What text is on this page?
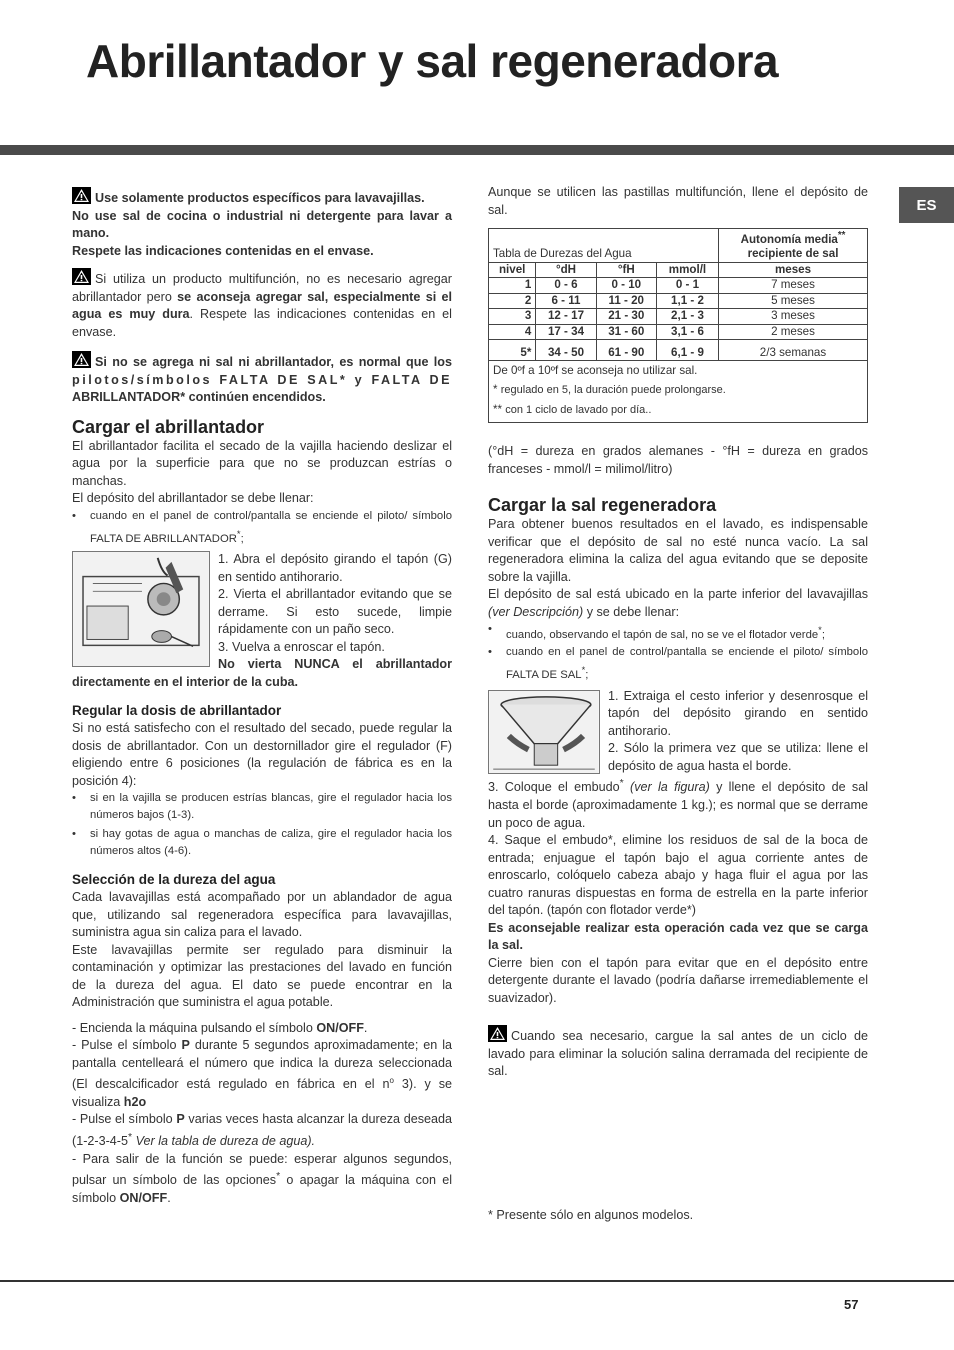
Abrillantador y sal regeneradora
ES

Use solamente productos específicos para lavavajillas.
No use sal de cocina o industrial ni detergente para lavar a mano.
Respete las indicaciones contenidas en el envase.

Si utiliza un producto multifunción, no es necesario agregar abrillantador pero se aconseja agregar sal, especialmente si el agua es muy dura. Respete las indicaciones contenidas en el envase.

Si no se agrega ni sal ni abrillantador, es normal que los pilotos/símbolos FALTA DE SAL* y FALTA DE ABRILLANTADOR* continúen encendidos.

Cargar el abrillantador

El abrillantador facilita el secado de la vajilla haciendo deslizar el agua por la superficie para que no se produzcan estrías o manchas.

El depósito del abrillantador se debe llenar:

• cuando en el panel de control/pantalla se enciende el piloto/ símbolo FALTA DE ABRILLANTADOR*;

1. Abra el depósito girando el tapón (G) en sentido antihorario.

2. Vierta el abrillantador evitando que se derrame. Si esto sucede, limpie rápidamente con un paño seco.

3. Vuelva a enroscar el tapón.

No vierta NUNCA el abrillantador directamente en el interior de la cuba.

Regular la dosis de abrillantador

Si no está satisfecho con el resultado del secado, puede regular la dosis de abrillantador. Con un destornillador gire el regulador (F) eligiendo entre 6 posiciones (la regulación de fábrica es en la posición 4):

• si en la vajilla se producen estrías blancas, gire el regulador hacia los números bajos (1-3).
• si hay gotas de agua o manchas de caliza, gire el regulador hacia los números altos (4-6).
Selección de la dureza del agua

Cada lavavajillas está acompañado por un ablandador de agua que, utilizando sal regeneradora específica para lavavajillas, suministra agua sin caliza para el lavado.

Este lavavajillas permite ser regulado para disminuir la contaminación y optimizar las prestaciones del lavado en función de la dureza del agua. El dato se puede encontrar en la Administración que suministra el agua potable.

- Encienda la máquina pulsando el símbolo ON/OFF.

- Pulse el símbolo P durante 5 segundos aproximadamente; en la pantalla centelleará el número que indica la dureza seleccionada (El descalcificador está regulado en fábrica en el $n^o$ 3). y se visualiza h2o

- Pulse el símbolo P varias veces hasta alcanzar la dureza deseada (1-2-3-4-5* Ver la tabla de dureza de agua).

- Para salir de la función se puede: esperar algunos segundos, pulsar un símbolo de las opciones* o apagar la máquina con el símbolo ON/OFF.

Aunque se utilicen las pastillas multifunción, llene el depósito de sal.

Tabla de Durezas del Agua				Autonomía media**
recipiente de sal
nivel	°dH	°fH	mmol/l	meses
1	0 - 6	0 - 10	0 - 1	7 meses
2	6 - 11	11 - 20	1,1 - 2	5 meses
3	12 - 17	21 - 30	2,1 - 3	3 meses
4	17 - 34	31 - 60	3,1 - 6	2 meses
5*	34 - 50	61 - 90	6,1 - 9	2/3 semanas
De 0ºf a 10ºf se aconseja no utilizar sal.
* regulado en 5, la duración puede prolongarse.
** con 1 ciclo de lavado por día..				

(°dH = dureza en grados alemanes - °fH = dureza en grados franceses - mmol/l = milimol/litro)

Cargar la sal regeneradora

Para obtener buenos resultados en el lavado, es indispensable verificar que el depósito de sal no esté nunca vacío. La sal regeneradora elimina la caliza del agua evitando que se deposite sobre la vajilla.

El depósito de sal está ubicado en la parte inferior del lavavajillas (ver Descripción) y se debe llenar:

• cuando, observando el tapón de sal, no se ve el flotador verde*;
• cuando en el panel de control/pantalla se enciende el piloto/ símbolo FALTA DE SAL*;

1. Extraiga el cesto inferior y desenrosque el tapón del depósito girando en sentido antihorario.

2. Sólo la primera vez que se utiliza: llene el depósito de agua hasta el borde.

3. Coloque el embudo* (ver la figura) y llene el depósito de sal hasta el borde (aproximadamente 1 kg.); es normal que se derrame un poco de agua.

4. Saque el embudo*, elimine los residuos de sal de la boca de entrada; enjuague el tapón bajo el agua corriente antes de enroscarlo, colóquelo cabeza abajo y haga fluir el agua por las cuatro ranuras dispuestas en forma de estrella en la parte inferior del tapón. (tapón con flotador verde*)

Es aconsejable realizar esta operación cada vez que se carga la sal.

Cierre bien con el tapón para evitar que en el depósito entre detergente durante el lavado (podría dañarse irremediablemente el suavizador).

Cuando sea necesario, cargue la sal antes de un ciclo de lavado para eliminar la solución salina derramada del recipiente de sal.

* Presente sólo en algunos modelos.
57
